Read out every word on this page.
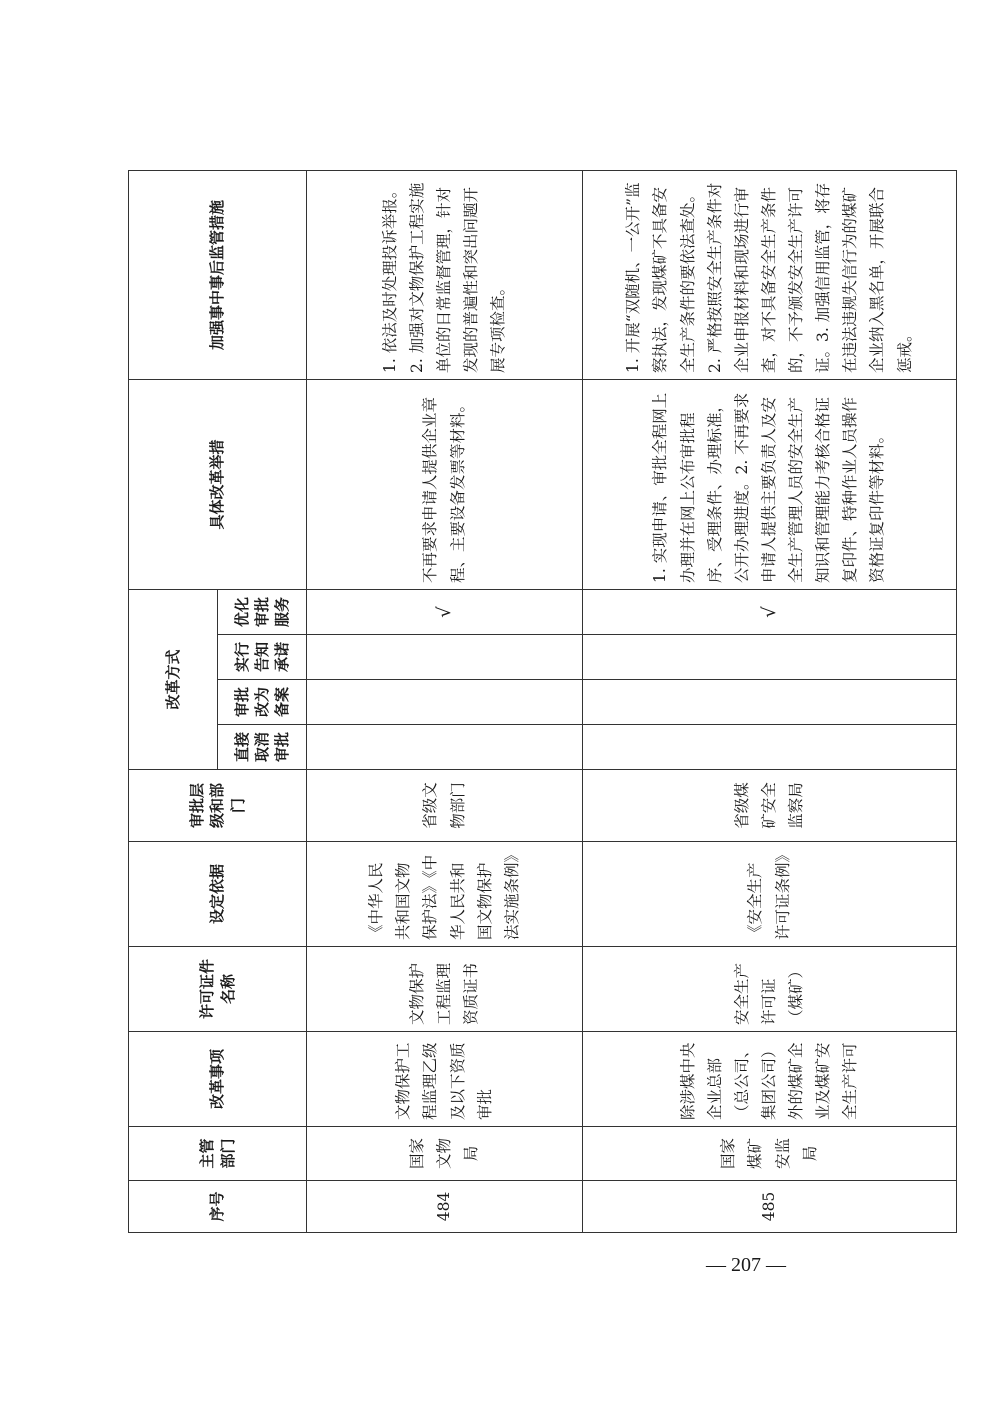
序号	主管部门	改革事项	许可证件名称	设定依据	审批层级和部门	改革方式				具体改革举措	加强事中事后监管措施
						直接取消审批	审批改为备案	实行告知承诺	优化审批服务		
484	国家文物局	文物保护工程监理乙级及以下资质审批	文物保护工程监理资质证书	《中华人民共和国文物保护法》《中华人民共和国文物保护法实施条例》	省级文物部门				√	不再要求申请人提供企业章程、主要设备发票等材料。	1. 依法及时处理投诉举报。2. 加强对文物保护工程实施单位的日常监督管理，针对发现的普遍性和突出问题开展专项检查。
485	国家煤矿安监局	除涉煤中央企业总部（总公司、集团公司）外的煤矿企业及煤矿安全生产许可	安全生产许可证（煤矿）	《安全生产许可证条例》	省级煤矿安全监察局				√	1. 实现申请、审批全程网上办理并在网上公布审批程序、受理条件、办理标准，公开办理进度。2. 不再要求申请人提供主要负责人及安全生产管理人员的安全生产知识和管理能力考核合格证复印件、特种作业人员操作资格证复印件等材料。	1. 开展“双随机、一公开”监察执法，发现煤矿不具备安全生产条件的要依法查处。2. 严格按照安全生产条件对企业申报材料和现场进行审查，对不具备安全生产条件的，不予颁发安全生产许可证。3. 加强信用监管，将存在违法违规失信行为的煤矿企业纳入黑名单，开展联合惩戒。
— 207 —
